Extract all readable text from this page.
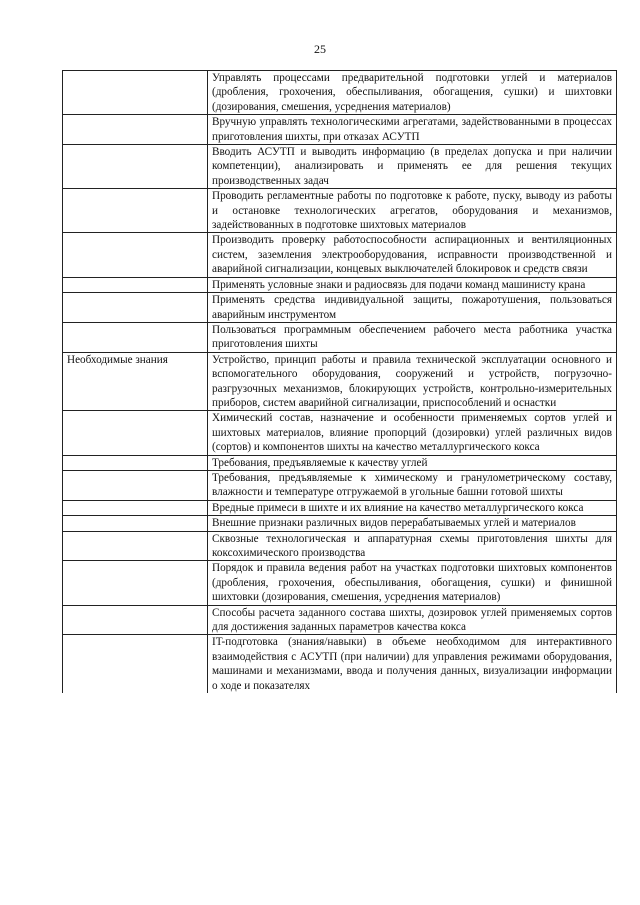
25
	Управлять процессами предварительной подготовки углей и материалов (дробления, грохочения, обеспыливания, обогащения, сушки) и шихтовки (дозирования, смешения, усреднения материалов)
	Вручную управлять технологическими агрегатами, задействованными в процессах приготовления шихты, при отказах АСУТП
	Вводить АСУТП и выводить информацию (в пределах допуска и при наличии компетенции), анализировать и применять ее для решения текущих производственных задач
	Проводить регламентные работы по подготовке к работе, пуску, выводу из работы и остановке технологических агрегатов, оборудования и механизмов, задействованных в подготовке шихтовых материалов
	Производить проверку работоспособности аспирационных и вентиляционных систем, заземления электрооборудования, исправности производственной и аварийной сигнализации, концевых выключателей блокировок и средств связи
	Применять условные знаки и радиосвязь для подачи команд машинисту крана
	Применять средства индивидуальной защиты, пожаротушения, пользоваться аварийным инструментом
	Пользоваться программным обеспечением рабочего места работника участка приготовления шихты
Необходимые знания	Устройство, принцип работы и правила технической эксплуатации основного и вспомогательного оборудования, сооружений и устройств, погрузочно-разгрузочных механизмов, блокирующих устройств, контрольно-измерительных приборов, систем аварийной сигнализации, приспособлений и оснастки
	Химический состав, назначение и особенности применяемых сортов углей и шихтовых материалов, влияние пропорций (дозировки) углей различных видов (сортов) и компонентов шихты на качество металлургического кокса
	Требования, предъявляемые к качеству углей
	Требования, предъявляемые к химическому и гранулометрическому составу, влажности и температуре отгружаемой в угольные башни готовой шихты
	Вредные примеси в шихте и их влияние на качество металлургического кокса
	Внешние признаки различных видов перерабатываемых углей и материалов
	Сквозные технологическая и аппаратурная схемы приготовления шихты для коксохимического производства
	Порядок и правила ведения работ на участках подготовки шихтовых компонентов (дробления, грохочения, обеспыливания, обогащения, сушки) и финишной шихтовки (дозирования, смешения, усреднения материалов)
	Способы расчета заданного состава шихты, дозировок углей применяемых сортов для достижения заданных параметров качества кокса
	IT-подготовка (знания/навыки) в объеме необходимом для интерактивного взаимодействия с АСУТП (при наличии) для управления режимами оборудования, машинами и механизмами, ввода и получения данных, визуализации информации о ходе и показателях
